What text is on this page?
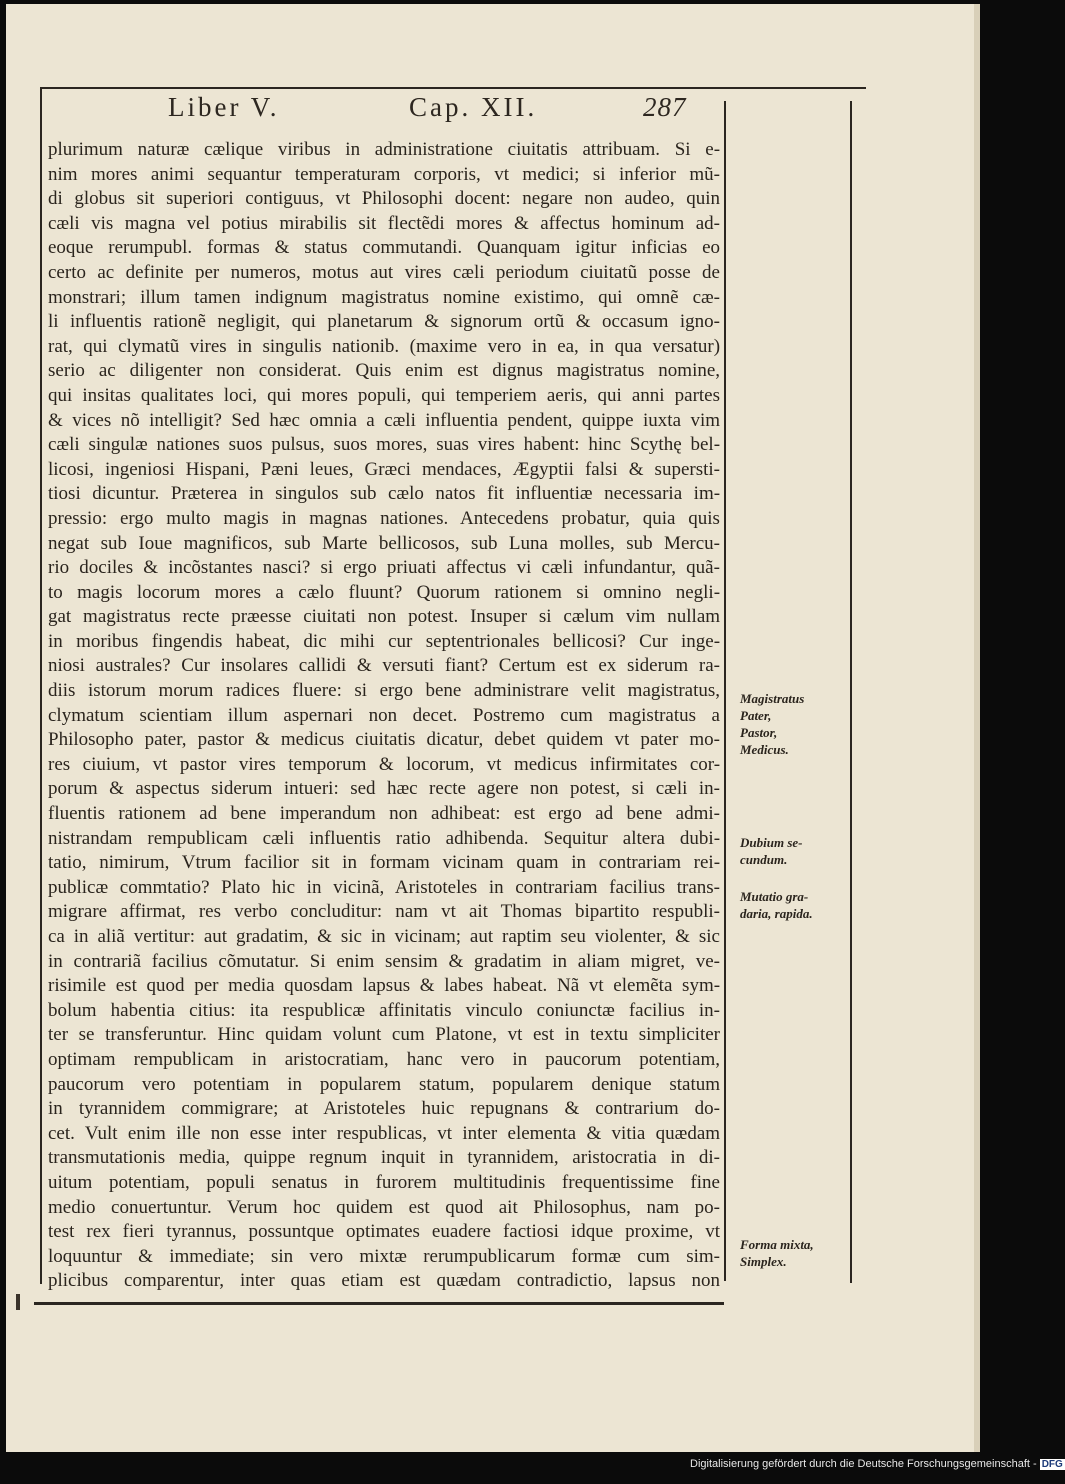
Liber V.	Cap. XII.	287
plurimum naturæ cælique viribus in administratione ciuitatis attribuam. Si e-
nim mores animi sequantur temperaturam corporis, vt medici; si inferior mũ-
di globus sit superiori contiguus, vt Philosophi docent: negare non audeo, quin
cæli vis magna vel potius mirabilis sit flectẽdi mores & affectus hominum ad-
eoque rerumpubl. formas & status commutandi. Quanquam igitur inficias eo
certo ac definite per numeros, motus aut vires cæli periodum ciuitatũ posse de
monstrari; illum tamen indignum magistratus nomine existimo, qui omnẽ cæ-
li influentis rationẽ negligit, qui planetarum & signorum ortũ & occasum igno-
rat, qui clymatũ vires in singulis nationib. (maxime vero in ea, in qua versatur)
serio ac diligenter non considerat. Quis enim est dignus magistratus nomine,
qui insitas qualitates loci, qui mores populi, qui temperiem aeris, qui anni partes
& vices nõ intelligit? Sed hæc omnia a cæli influentia pendent, quippe iuxta vim
cæli singulæ nationes suos pulsus, suos mores, suas vires habent: hinc Scythę bel-
licosi, ingeniosi Hispani, Pæni leues, Græci mendaces, Ægyptii falsi & supersti-
tiosi dicuntur. Præterea in singulos sub cælo natos fit influentiæ necessaria im-
pressio: ergo multo magis in magnas nationes. Antecedens probatur, quia quis
negat sub Ioue magnificos, sub Marte bellicosos, sub Luna molles, sub Mercu-
rio dociles & incõstantes nasci? si ergo priuati affectus vi cæli infundantur, quã-
to magis locorum mores a cælo fluunt? Quorum rationem si omnino negli-
gat magistratus recte præesse ciuitati non potest. Insuper si cælum vim nullam
in moribus fingendis habeat, dic mihi cur septentrionales bellicosi? Cur inge-
niosi australes? Cur insolares callidi & versuti fiant? Certum est ex siderum ra-
diis istorum morum radices fluere: si ergo bene administrare velit magistratus,
clymatum scientiam illum aspernari non decet. Postremo cum magistratus a
Philosopho pater, pastor & medicus ciuitatis dicatur, debet quidem vt pater mo-
res ciuium, vt pastor vires temporum & locorum, vt medicus infirmitates cor-
porum & aspectus siderum intueri: sed hæc recte agere non potest, si cæli in-
fluentis rationem ad bene imperandum non adhibeat: est ergo ad bene admi-
nistrandam rempublicam cæli influentis ratio adhibenda. Sequitur altera dubi-
tatio, nimirum, Vtrum facilior sit in formam vicinam quam in contrariam rei-
publicæ commtatio? Plato hic in vicinã, Aristoteles in contrariam facilius trans-
migrare affirmat, res verbo concluditur: nam vt ait Thomas bipartito respubli-
ca in aliã vertitur: aut gradatim, & sic in vicinam; aut raptim seu violenter, & sic
in contrariã facilius cõmutatur. Si enim sensim & gradatim in aliam migret, ve-
risimile est quod per media quosdam lapsus & labes habeat. Nã vt elemẽta sym-
bolum habentia citius: ita respublicæ affinitatis vinculo coniunctæ facilius in-
ter se transferuntur. Hinc quidam volunt cum Platone, vt est in textu simpliciter
optimam rempublicam in aristocratiam, hanc vero in paucorum potentiam,
paucorum vero potentiam in popularem statum, popularem denique statum
in tyrannidem commigrare; at Aristoteles huic repugnans & contrarium do-
cet. Vult enim ille non esse inter respublicas, vt inter elementa & vitia quædam
transmutationis media, quippe regnum inquit in tyrannidem, aristocratia in di-
uitum potentiam, populi senatus in furorem multitudinis frequentissime fine
medio conuertuntur. Verum hoc quidem est quod ait Philosophus, nam po-
test rex fieri tyrannus, possuntque optimates euadere factiosi idque proxime, vt
loquuntur & immediate; sin vero mixtæ rerumpublicarum formæ cum sim-
plicibus comparentur, inter quas etiam est quædam contradictio, lapsus non
Magistratus
Pater,
Pastor,
Medicus.
Dubium se-
cundum.
Mutatio gra-
daria, rapida.
Forma mixta,
Simplex.
Digitalisierung gefördert durch die Deutsche Forschungsgemeinschaft - DFG
